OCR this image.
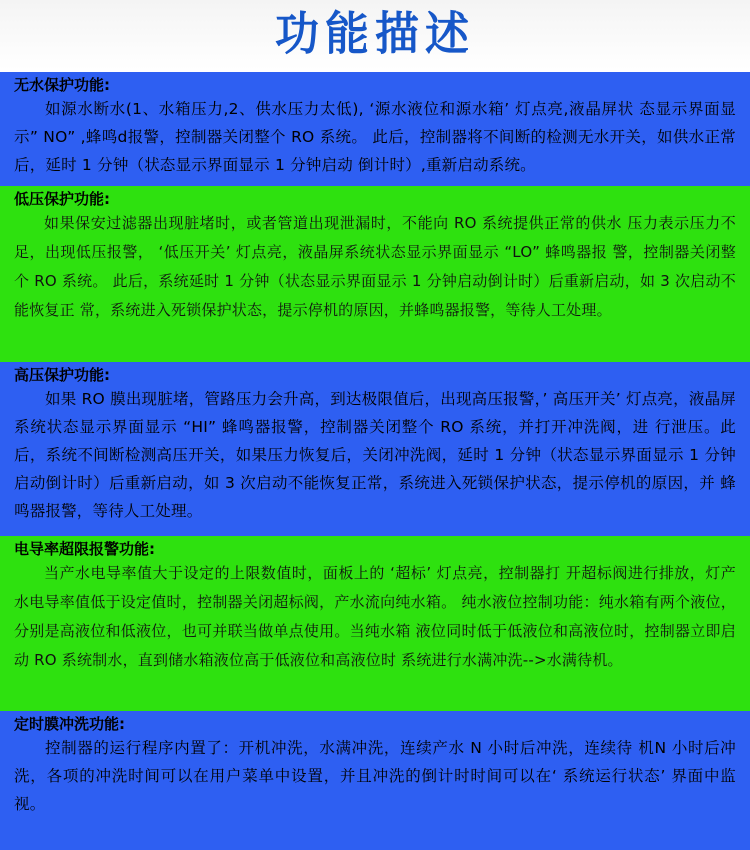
功能描述

无水保护功能:

如源水断水(1、水箱压力,2、供水压力太低), ‘源水液位和源水箱’ 灯点亮,液晶屏状 态显示界面显示” NO” ,蜂鸣d报警，控制器关闭整个 RO 系统。 此后，控制器将不间断的检测无水开关，如供水正常后，延时 1 分钟（状态显示界面显示 1 分钟启动 倒计时）,重新启动系统。

低压保护功能:

如果保安过滤器出现脏堵时，或者管道出现泄漏时，不能向 RO 系统提供正常的供水 压力表示压力不足，出现低压报警， ‘低压开关’ 灯点亮，液晶屏系统状态显示界面显示 “LO” 蜂鸣器报 警，控制器关闭整个 RO 系统。 此后，系统延时 1 分钟（状态显示界面显示 1 分钟启动倒计时）后重新启动，如 3 次启动不能恢复正 常，系统进入死锁保护状态，提示停机的原因，并蜂鸣器报警，等待人工处理。

高压保护功能:

如果 RO 膜出现脏堵，管路压力会升高，到达极限值后，出现高压报警，’ 高压开关’ 灯点亮，液晶屏系统状态显示界面显示 “HI” 蜂鸣器报警，控制器关闭整个 RO 系统，并打开冲洗阀，进 行泄压。此后，系统不间断检测高压开关，如果压力恢复后，关闭冲洗阀，延时 1 分钟（状态显示界面显示 1 分钟启动倒计时）后重新启动，如 3 次启动不能恢复正常，系统进入死锁保护状态，提示停机的原因，并 蜂鸣器报警，等待人工处理。

电导率超限报警功能:

当产水电导率值大于设定的上限数值时，面板上的 ‘超标’ 灯点亮，控制器打 开超标阀进行排放，灯产水电导率值低于设定值时，控制器关闭超标阀，产水流向纯水箱。 纯水液位控制功能：纯水箱有两个液位，分别是高液位和低液位，也可并联当做单点使用。当纯水箱 液位同时低于低液位和高液位时，控制器立即启动 RO 系统制水，直到储水箱液位高于低液位和高液位时 系统进行水满冲洗-->水满待机。

定时膜冲洗功能:

控制器的运行程序内置了：开机冲洗，水满冲洗，连续产水 N 小时后冲洗，连续待 机N 小时后冲洗，各项的冲洗时间可以在用户菜单中设置，并且冲洗的倒计时时间可以在‘ 系统运行状态’ 界面中监视。
